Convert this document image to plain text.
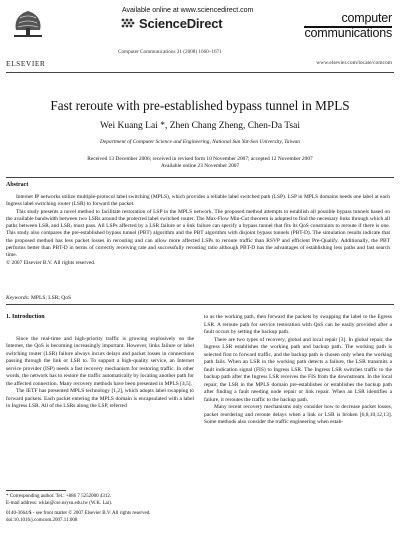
ELSEVIER
Available online at www.sciencedirect.com
ScienceDirect
Computer Communications 31 (2008) 1660–1671
computer
communications
www.elsevier.com/locate/comcom
Fast reroute with pre-established bypass tunnel in MPLS
Wei Kuang Lai *, Zhen Chang Zheng, Chen-Da Tsai
Department of Computer Science and Engineering, National Sun Yat-Sen University, Taiwan
Received 13 December 2006; received in revised form 10 November 2007; accepted 12 November 2007
Available online 23 November 2007
Abstract

Internet IP networks utilize multiple-protocol label switching (MPLS), which provides a reliable label switched path (LSP). LSP in MPLS domains needs one label at each Ingress label switching router (LSR) to forward the packet.

This study presents a novel method to facilitate restoration of LSP in the MPLS network. The proposed method attempts to establish all possible bypass tunnels based on the available bandwidth between two LSRs around the protected label switched router. The Max-Flow Min-Cut theorem is adopted to find the necessary links through which all paths between LSRᵢ and LSRⱼ must pass. All LSPs affected by a LSR failure or a link failure can specify a bypass tunnel that fits its QoS constraints to reroute if there is one. This study also compares the pre-established bypass tunnel (PBT) algorithm and the PBT algorithm with disjoint bypass tunnels (PBT-D). The simulation results indicate that the proposed method has less packet losses in rerouting and can allow more affected LSPs to reroute traffic than RSVP and efficient Pre-Qualify. Additionally, the PBT performs better than PBT-D in terms of correctly receiving rate and successfully rerouting ratio although PBT-D has the advantages of establishing less paths and fast search time.

© 2007 Elsevier B.V. All rights reserved.

Keywords: MPLS; LSR; QoS
1. Introduction

Since the real-time and high-priority traffic is growing explosively on the Internet, the QoS is becoming increasingly important. However, links failure or label switching router (LSR) failure always incurs delays and packet losses in connections passing through the link or LSR to. To support a high-quality service, an Internet service provider (ISP) needs a fast recovery mechanism for restoring traffic. In other words, the network has to restore the traffic automatically by locating another path for the affected connection. Many recovery methods have been presented in MPLS [4,5].

The IETF has presented MPLS technology [1,2], which adopts label swapping to forward packets. Each packet entering the MPLS domain is encapsulated with a label in Ingress LSR. All of the LSRs along the LSP, referred

to as the working path, then forward the packets by swapping the label to the Egress LSR. A reroute path for service restoration with QoS can be easily provided after a fault occurs by setting the backup path.

There are two types of recovery, global and local repair [3]. In global repair, the Ingress LSR establishes the working path and backup path. The working path is selected first to forward traffic, and the backup path is chosen only when the working path fails. When an LSR in the working path detects a failure, the LSR transmits a fault indication signal (FIS) to Ingress LSR. The Ingress LSR switches traffic to the backup path after the Ingress LSR receives the FIS from the downstream. In the local repair, the LSR in the MPLS domain pre-establishes or establishes the backup path after finding a fault needing node repair or link repair. When an LSR identifies a failure, it reroutes the traffic to the backup path.

Many recent recovery mechanisms only consider how to decrease packet losses, packet reordering and reroute delays when a link or LSR is broken [6,8,10,12,13]. Some methods also consider the traffic engineering when estab-

* Corresponding author. Tel.: +886 7 5252000 4312.

E-mail address: wklai@cse.nsysu.edu.tw (W.K. Lai).

0140-3664/$ - see front matter © 2007 Elsevier B.V. All rights reserved.

doi:10.1016/j.comcom.2007.11.008
